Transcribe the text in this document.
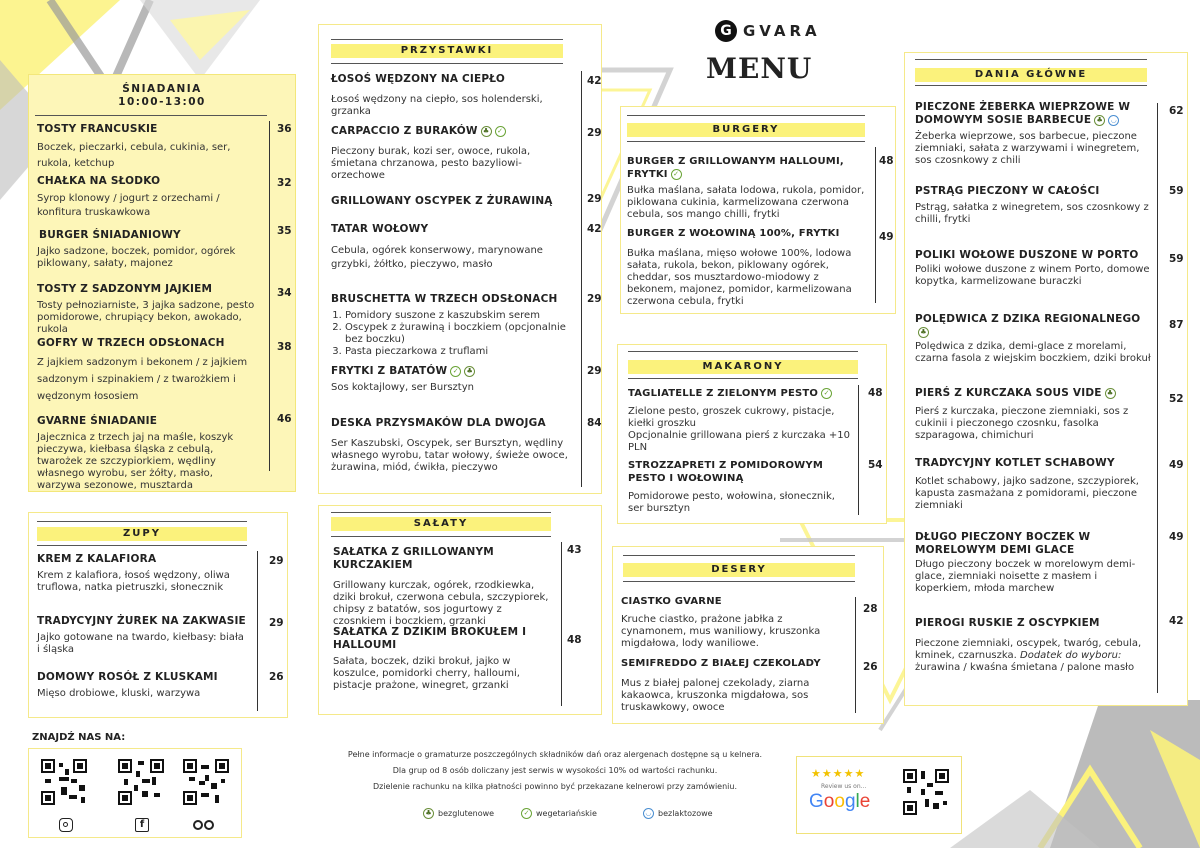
G GVARA
MENU
ŚNIADANIA
10:00-13:00
TOSTY FRANCUSKIE
Boczek, pieczarki, cebula, cukinia, ser, rukola, ketchup
CHAŁKA NA SŁODKO
Syrop klonowy / jogurt z orzechami / konfitura truskawkowa
BURGER ŚNIADANIOWY
Jajko sadzone, boczek, pomidor, ogórek piklowany, sałaty, majonez
TOSTY Z SADZONYM JAJKIEM
Tosty pełnoziarniste, 3 jajka sadzone, pesto pomidorowe, chrupiący bekon, awokado, rukola
GOFRY W TRZECH ODSŁONACH
Z jajkiem sadzonym i bekonem / z jajkiem sadzonym i szpinakiem / z twarożkiem i wędzonym łososiem
GVARNE ŚNIADANIE
Jajecznica z trzech jaj na maśle, koszyk pieczywa, kiełbasa śląska z cebulą, twarożek ze szczypiorkiem, wędliny własnego wyrobu, ser żółty, masło, warzywa sezonowe, musztarda
36
32
35
34
38
46
ZUPY
KREM Z KALAFIORA
Krem z kalafiora, łosoś wędzony, oliwa truflowa, natka pietruszki, słonecznik
TRADYCYJNY ŻUREK NA ZAKWASIE
Jajko gotowane na twardo, kiełbasy: biała i śląska
DOMOWY ROSÓŁ Z KLUSKAMI
Mięso drobiowe, kluski, warzywa
29
29
26
PRZYSTAWKI
ŁOSOŚ WĘDZONY NA CIEPŁO
Łosoś wędzony na ciepło, sos holenderski, grzanka
CARPACCIO Z BURAKÓW ♣ ✓
Pieczony burak, kozi ser, owoce, rukola, śmietana chrzanowa, pesto bazyliowi-orzechowe
GRILLOWANY OSCYPEK Z ŻURAWINĄ
TATAR WOŁOWY
Cebula, ogórek konserwowy, marynowane grzybki, żółtko, pieczywo, masło
BRUSCHETTA W TRZECH ODSŁONACH
1. Pomidory suszone z kaszubskim serem
2. Oscypek z żurawiną i boczkiem (opcjonalnie bez boczku)
3. Pasta pieczarkowa z truflami
FRYTKI Z BATATÓW ✓ ♣
Sos koktajlowy, ser Bursztyn
DESKA PRZYSMAKÓW DLA DWOJGA
Ser Kaszubski, Oscypek, ser Bursztyn, wędliny własnego wyrobu, tatar wołowy, świeże owoce, żurawina, miód, ćwikła, pieczywo
42
29
29
42
29
29
84
SAŁATY
SAŁATKA Z GRILLOWANYM KURCZAKIEM
Grillowany kurczak, ogórek, rzodkiewka, dziki brokuł, czerwona cebula, szczypiorek, chipsy z batatów, sos jogurtowy z czosnkiem i boczkiem, grzanki
SAŁATKA Z DZIKIM BROKUŁEM I HALLOUMI
Sałata, boczek, dziki brokuł, jajko w koszulce, pomidorki cherry, halloumi, pistacje prażone, winegret, grzanki
43
48
BURGERY
BURGER Z GRILLOWANYM HALLOUMI, FRYTKI ✓
Bułka maślana, sałata lodowa, rukola, pomidor, piklowana cukinia, karmelizowana czerwona cebula, sos mango chilli, frytki
BURGER Z WOŁOWINĄ 100%, FRYTKI
Bułka maślana, mięso wołowe 100%, lodowa sałata, rukola, bekon, piklowany ogórek, cheddar, sos musztardowo-miodowy z bekonem, majonez, pomidor, karmelizowana czerwona cebula, frytki
48
49
MAKARONY
TAGLIATELLE Z ZIELONYM PESTO ✓
Zielone pesto, groszek cukrowy, pistacje, kiełki groszku
Opcjonalnie grillowana pierś z kurczaka +10 PLN
STROZZAPRETI Z POMIDOROWYM PESTO I WOŁOWINĄ
Pomidorowe pesto, wołowina, słonecznik, ser bursztyn
48
54
DESERY
CIASTKO GVARNE
Kruche ciastko, prażone jabłka z cynamonem, mus waniliowy, kruszonka migdałowa, lody waniliowe.
SEMIFREDDO Z BIAŁEJ CZEKOLADY
Mus z białej palonej czekolady, ziarna kakaowca, kruszonka migdałowa, sos truskawkowy, owoce
28
26
DANIA GŁÓWNE
PIECZONE ŻEBERKA WIEPRZOWE W DOMOWYM SOSIE BARBECUE ♣ ◡
Żeberka wieprzowe, sos barbecue, pieczone ziemniaki, sałata z warzywami i winegretem, sos czosnkowy z chili
PSTRĄG PIECZONY W CAŁOŚCI
Pstrąg, sałatka z winegretem, sos czosnkowy z chilli, frytki
POLIKI WOŁOWE DUSZONE W PORTO
Poliki wołowe duszone z winem Porto, domowe kopytka, karmelizowane buraczki
POLĘDWICA Z DZIKA REGIONALNEGO♣
Polędwica z dzika, demi-glace z morelami, czarna fasola z wiejskim boczkiem, dziki brokuł
PIERŚ Z KURCZAKA SOUS VIDE ♣
Pierś z kurczaka, pieczone ziemniaki, sos z cukinii i pieczonego czosnku, fasolka szparagowa, chimichuri
TRADYCYJNY KOTLET SCHABOWY
Kotlet schabowy, jajko sadzone, szczypiorek, kapusta zasmażana z pomidorami, pieczone ziemniaki
DŁUGO PIECZONY BOCZEK W MORELOWYM DEMI GLACE
Długo pieczony boczek w morelowym demi- glace, ziemniaki noisette z masłem i koperkiem, młoda marchew
PIEROGI RUSKIE Z OSCYPKIEM
Pieczone ziemniaki, oscypek, twaróg, cebula, kminek, czarnuszka. Dodatek do wyboru: żurawina / kwaśna śmietana / palone masło
62
59
59
87
52
49
49
42
ZNAJDŹ NAS NA:
f
Pełne informacje o gramaturze poszczególnych składników dań oraz alergenach dostępne są u kelnera.
Dla grup od 8 osób doliczany jest serwis w wysokości 10% od wartości rachunku.
Dzielenie rachunku na kilka płatności powinno być przekazane kelnerowi przy zamówieniu.
♣ bezglutenowe	✓ wegetariańskie	◡ bezlaktozowe
★★★★★
Review us on...
Google
